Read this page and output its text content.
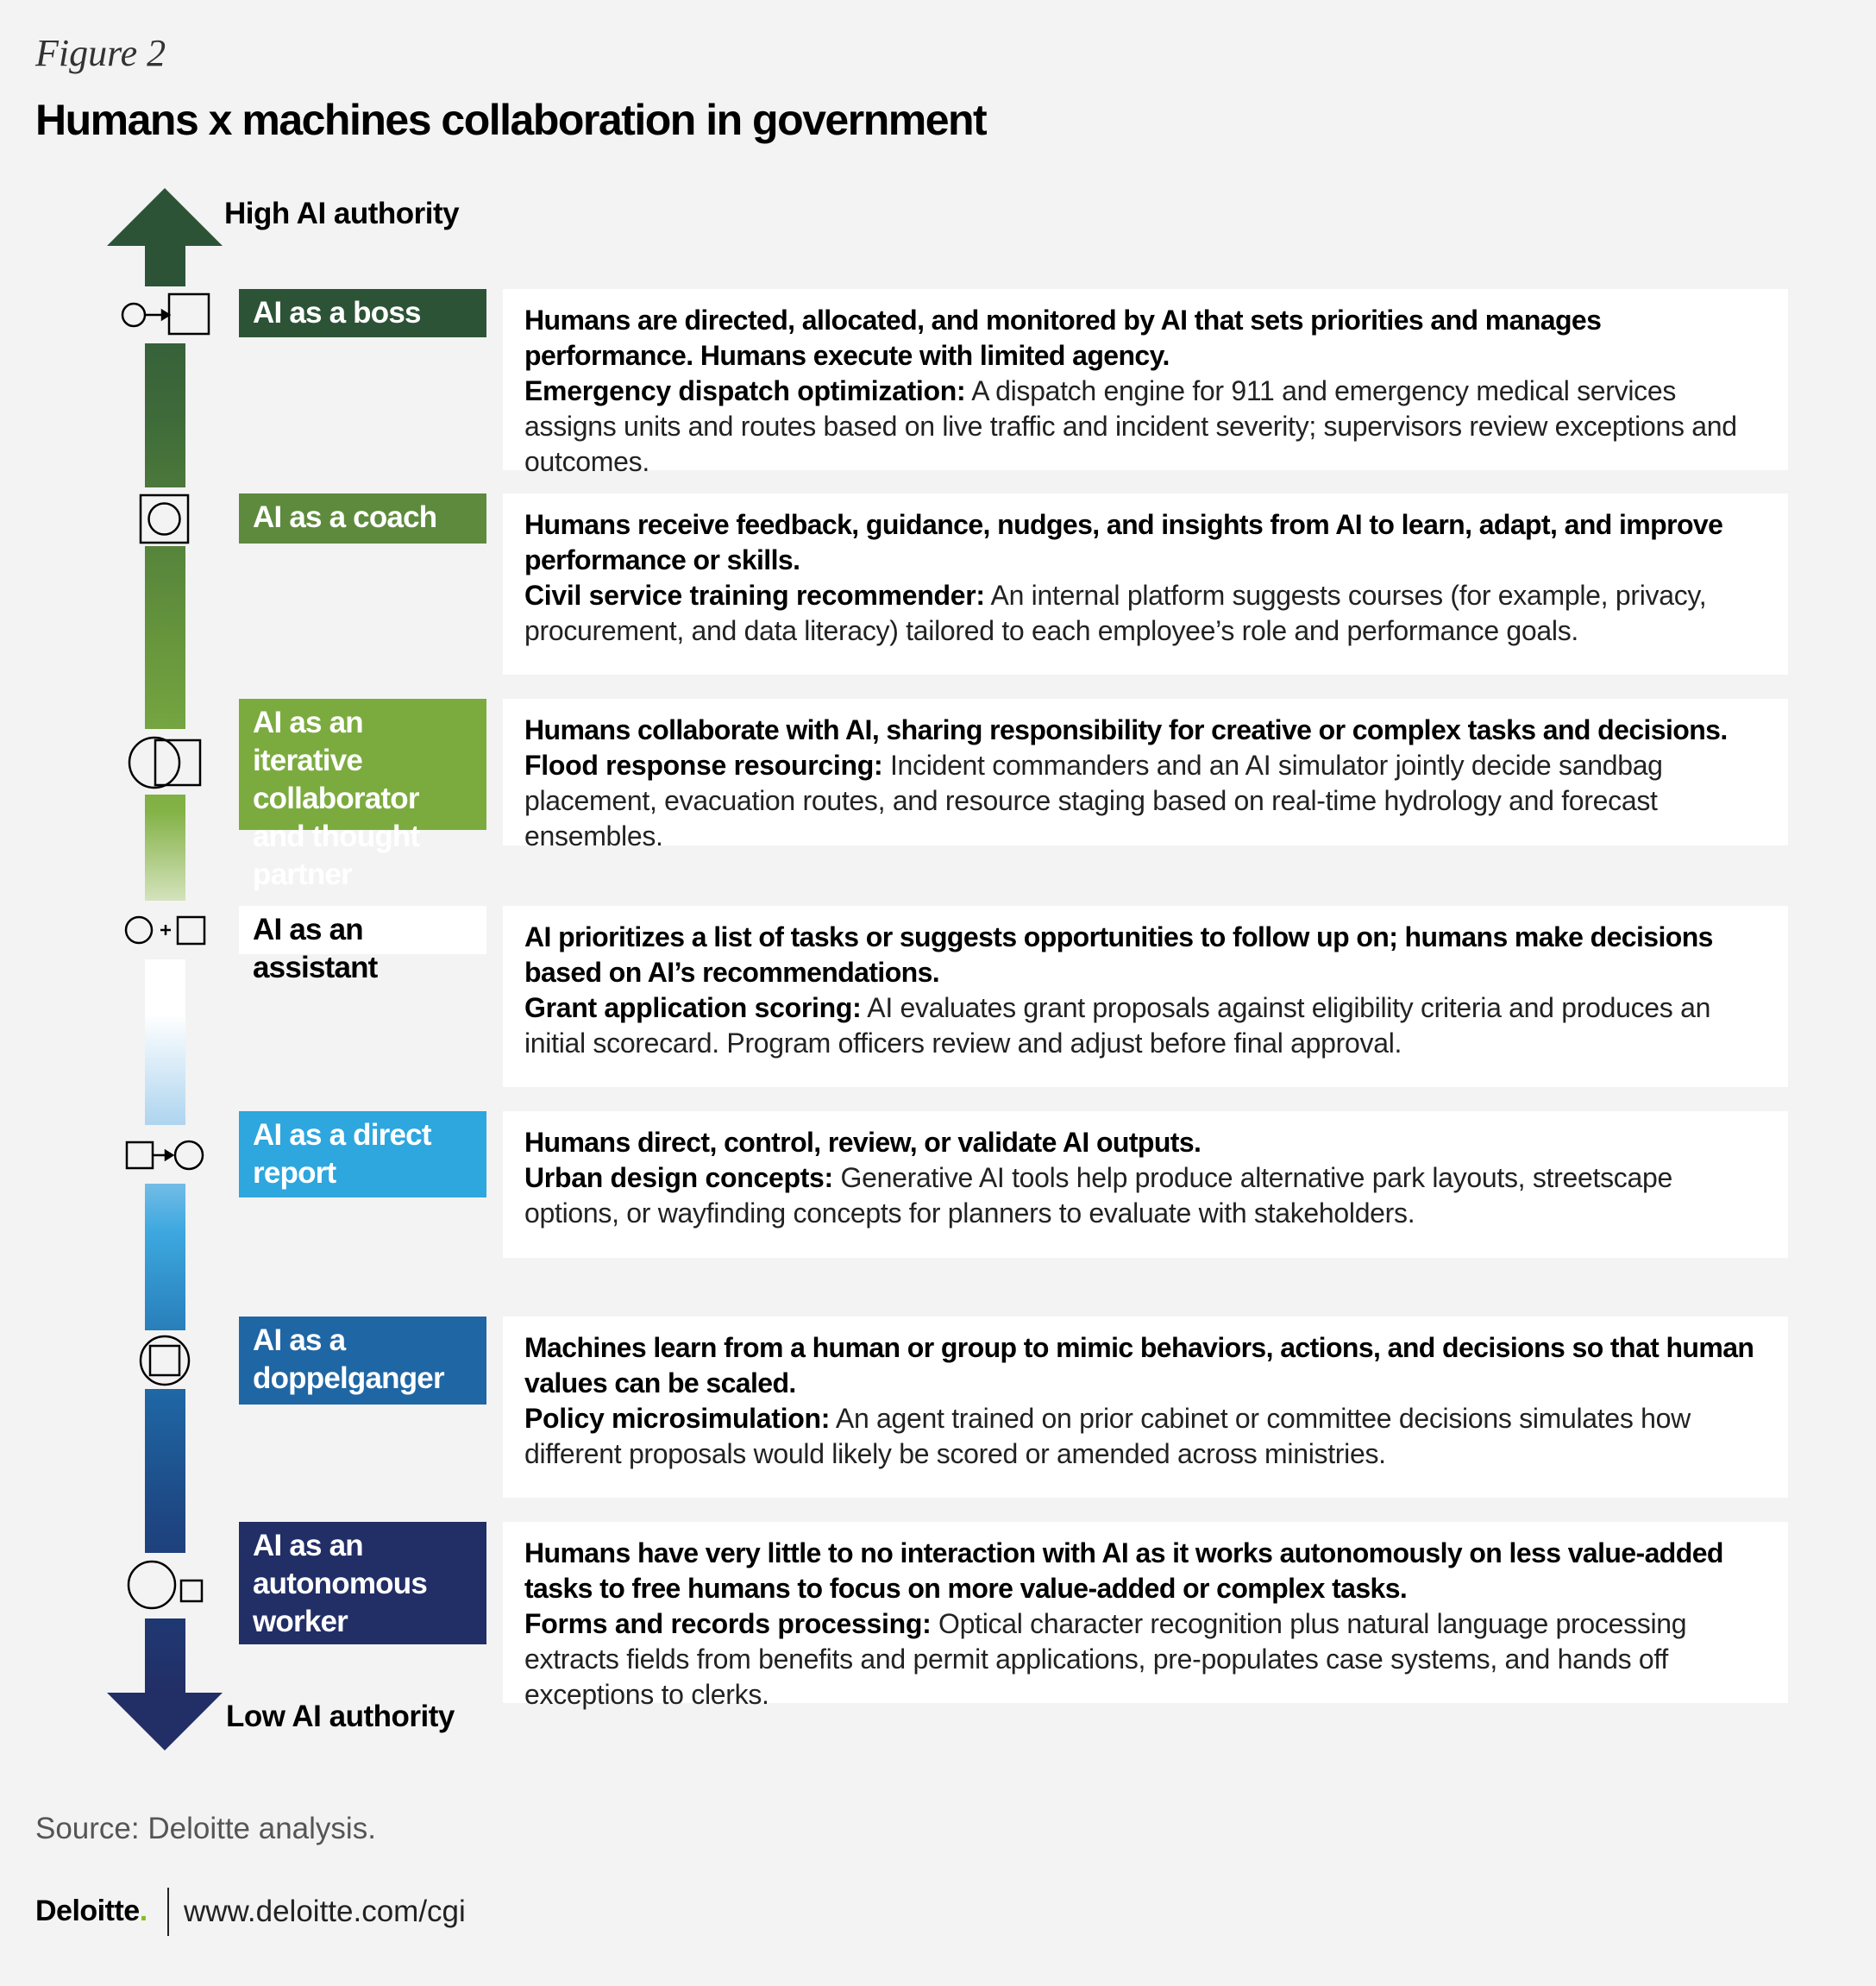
Figure 2
Humans x machines collaboration in government
High AI authority
Low AI authority
AI as a boss	Humans are directed, allocated, and monitored by AI that sets priorities and manages performance. Humans execute with limited agency.
Emergency dispatch optimization: A dispatch engine for 911 and emergency medical services assigns units and routes based on live traffic and incident severity; supervisors review exceptions and outcomes.
AI as a coach	Humans receive feedback, guidance, nudges, and insights from AI to learn, adapt, and improve performance or skills.
Civil service training recommender: An internal platform suggests courses (for example, privacy, procurement, and data literacy) tailored to each employee’s role and performance goals.
AI as an iterative collaborator and thought partner
Humans collaborate with AI, sharing responsibility for creative or complex tasks and decisions.
Flood response resourcing: Incident commanders and an AI simulator jointly decide sandbag placement, evacuation routes, and resource staging based on real-time hydrology and forecast ensembles.
AI as an assistant
AI prioritizes a list of tasks or suggests opportunities to follow up on; humans make decisions based on AI’s recommendations.
Grant application scoring: AI evaluates grant proposals against eligibility criteria and produces an initial scorecard. Program officers review and adjust before final approval.
AI as a direct report
Humans direct, control, review, or validate AI outputs.
Urban design concepts: Generative AI tools help produce alternative park layouts, streetscape options, or wayfinding concepts for planners to evaluate with stakeholders.
AI as a doppelganger
Machines learn from a human or group to mimic behaviors, actions, and decisions so that human values can be scaled.
Policy microsimulation: An agent trained on prior cabinet or committee decisions simulates how different proposals would likely be scored or amended across ministries.
AI as an autonomous worker
Humans have very little to no interaction with AI as it works autonomously on less value-added tasks to free humans to focus on more value-added or complex tasks.
Forms and records processing: Optical character recognition plus natural language processing extracts fields from benefits and permit applications, pre-populates case systems, and hands off exceptions to clerks.
Source: Deloitte analysis.
Deloitte. www.deloitte.com/cgi
